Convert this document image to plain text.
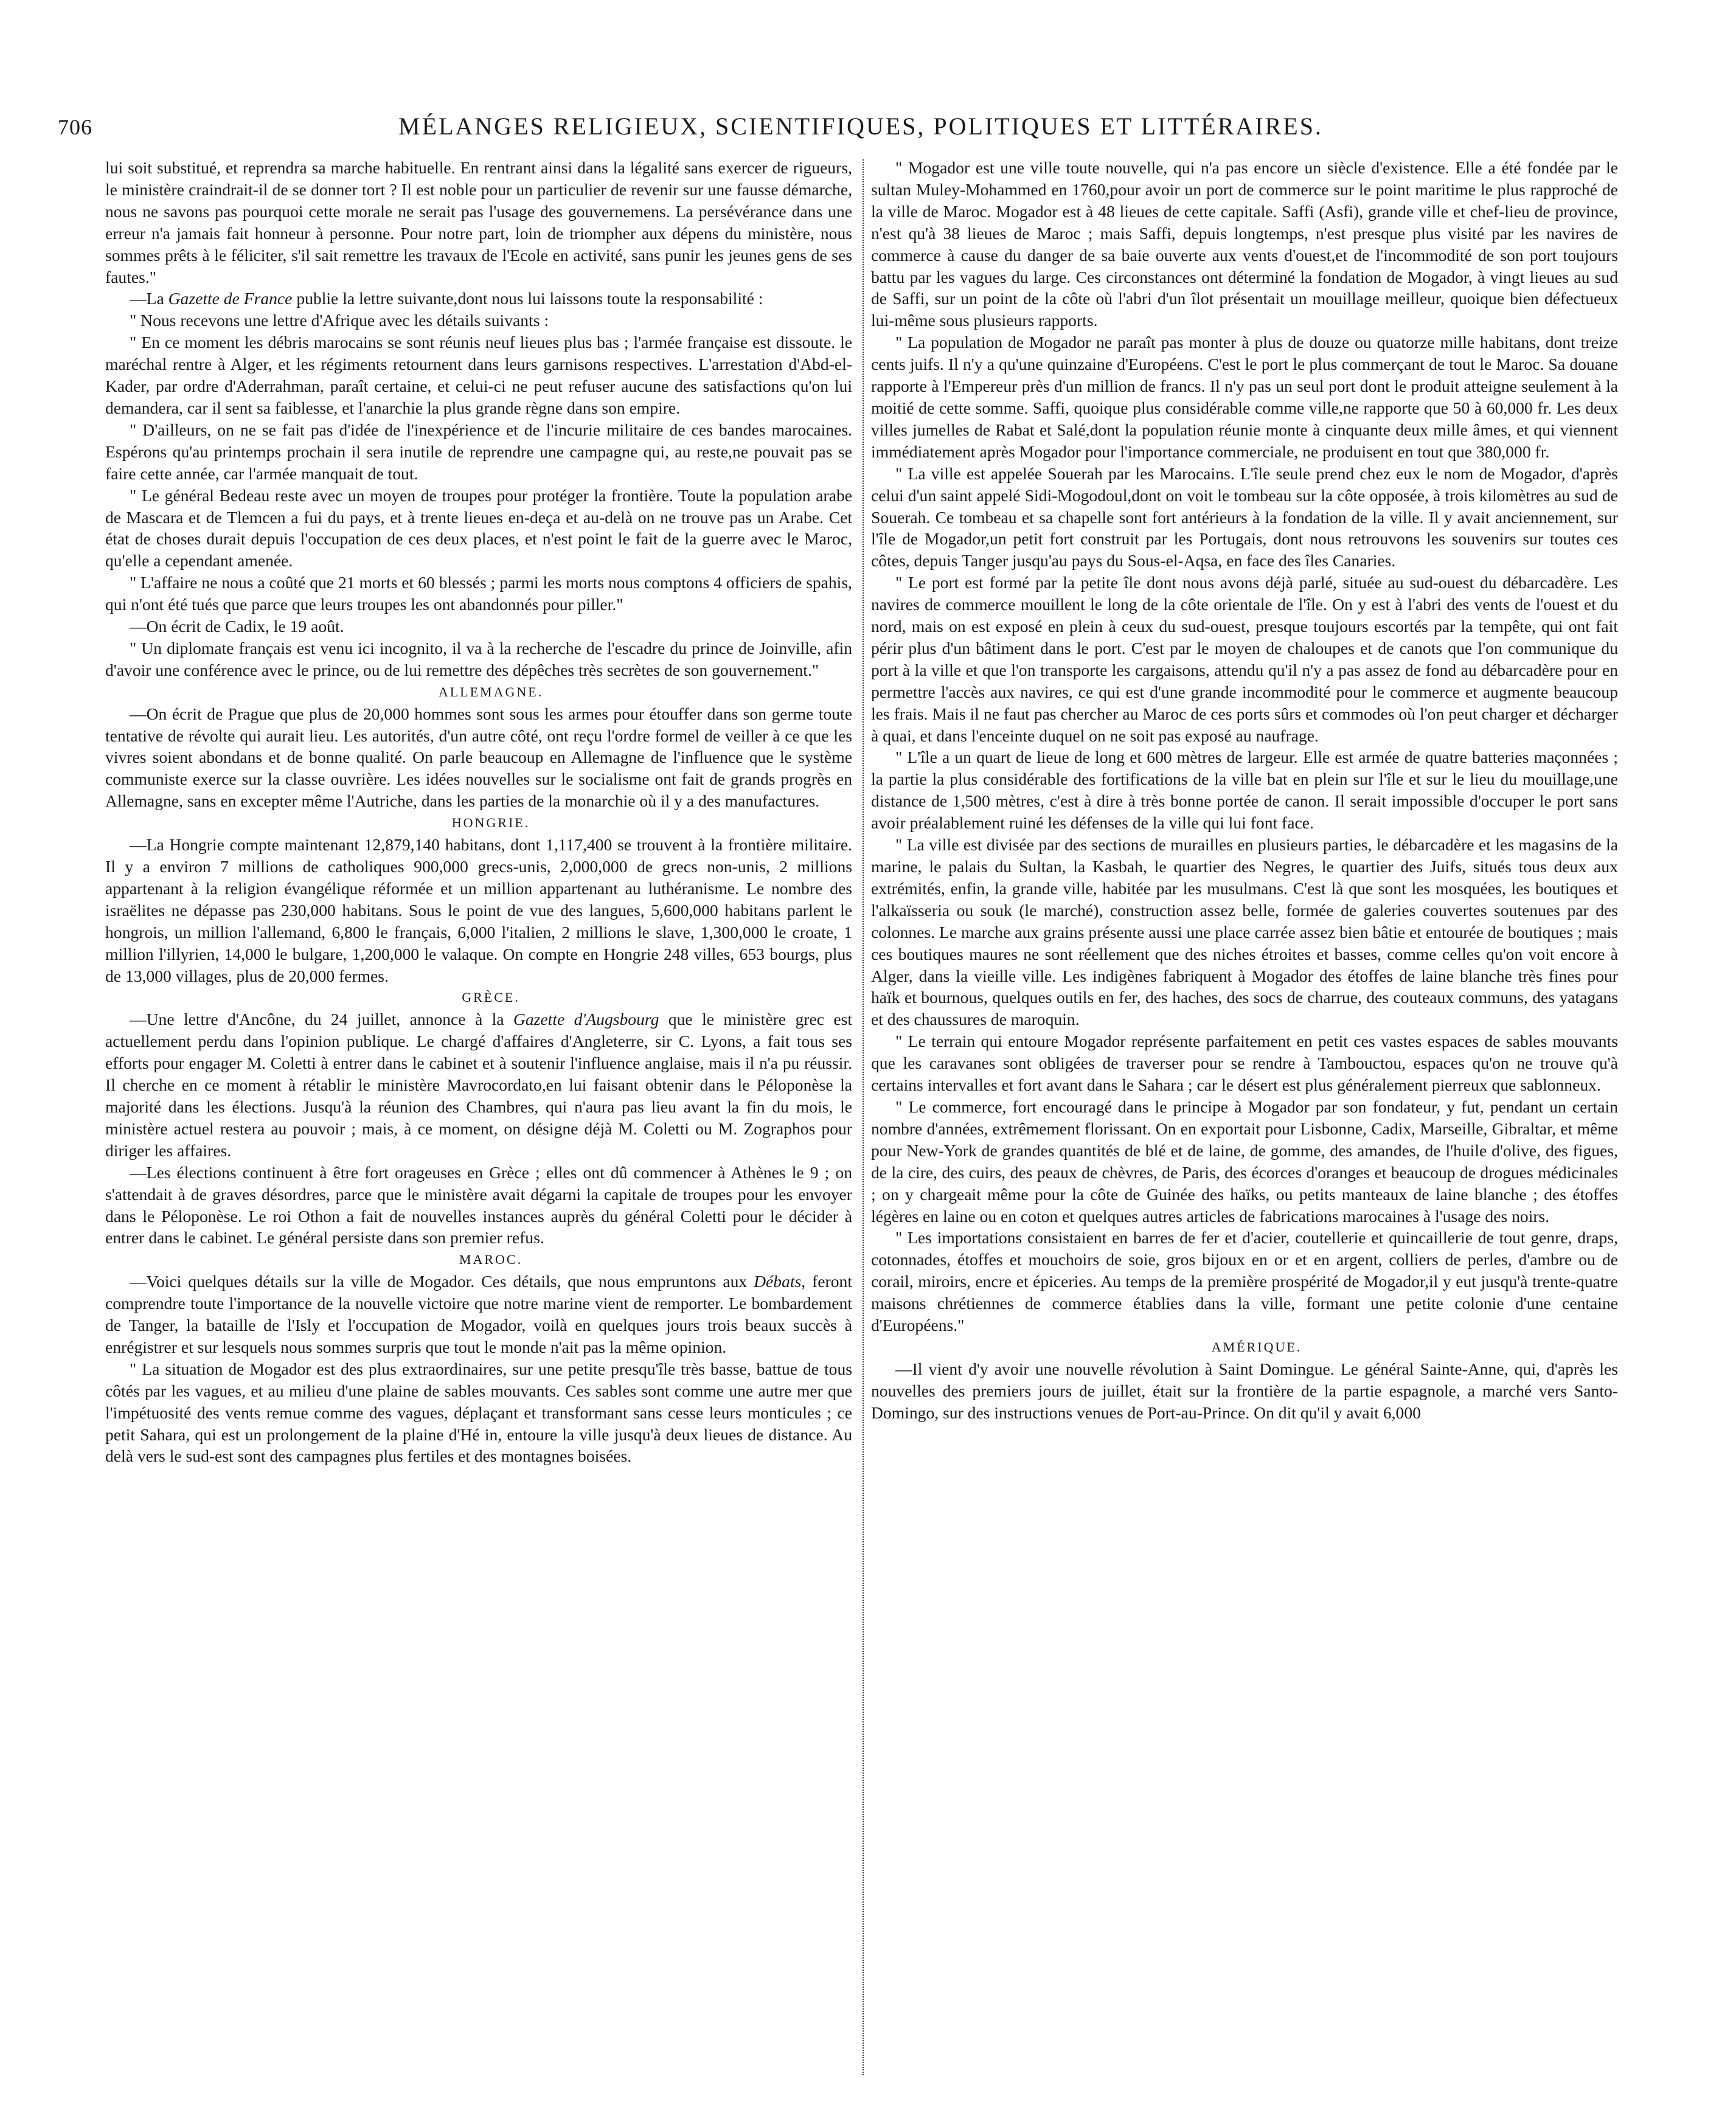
706	MÉLANGES RELIGIEUX, SCIENTIFIQUES, POLITIQUES ET LITTÉRAIRES.

lui soit substitué, et reprendra sa marche habituelle. En rentrant ainsi dans la légalité sans exercer de rigueurs, le ministère craindrait-il de se donner tort ? Il est noble pour un particulier de revenir sur une fausse démarche, nous ne savons pas pourquoi cette morale ne serait pas l'usage des gouvernemens. La persévérance dans une erreur n'a jamais fait honneur à personne. Pour notre part, loin de triompher aux dépens du ministère, nous sommes prêts à le féliciter, s'il sait remettre les travaux de l'Ecole en activité, sans punir les jeunes gens de ses fautes."

—La Gazette de France publie la lettre suivante,dont nous lui laissons toute la responsabilité :

" Nous recevons une lettre d'Afrique avec les détails suivants :

" En ce moment les débris marocains se sont réunis neuf lieues plus bas ; l'armée française est dissoute. le maréchal rentre à Alger, et les régiments retournent dans leurs garnisons respectives. L'arrestation d'Abd-el-Kader, par ordre d'Aderrahman, paraît certaine, et celui-ci ne peut refuser aucune des satisfactions qu'on lui demandera, car il sent sa faiblesse, et l'anarchie la plus grande règne dans son empire.

" D'ailleurs, on ne se fait pas d'idée de l'inexpérience et de l'incurie militaire de ces bandes marocaines. Espérons qu'au printemps prochain il sera inutile de reprendre une campagne qui, au reste,ne pouvait pas se faire cette année, car l'armée manquait de tout.

" Le général Bedeau reste avec un moyen de troupes pour protéger la frontière. Toute la population arabe de Mascara et de Tlemcen a fui du pays, et à trente lieues en-deça et au-delà on ne trouve pas un Arabe. Cet état de choses durait depuis l'occupation de ces deux places, et n'est point le fait de la guerre avec le Maroc, qu'elle a cependant amenée.

" L'affaire ne nous a coûté que 21 morts et 60 blessés ; parmi les morts nous comptons 4 officiers de spahis, qui n'ont été tués que parce que leurs troupes les ont abandonnés pour piller."

—On écrit de Cadix, le 19 août.

" Un diplomate français est venu ici incognito, il va à la recherche de l'escadre du prince de Joinville, afin d'avoir une conférence avec le prince, ou de lui remettre des dépêches très secrètes de son gouvernement."

ALLEMAGNE.

—On écrit de Prague que plus de 20,000 hommes sont sous les armes pour étouffer dans son germe toute tentative de révolte qui aurait lieu. Les autorités, d'un autre côté, ont reçu l'ordre formel de veiller à ce que les vivres soient abondans et de bonne qualité. On parle beaucoup en Allemagne de l'influence que le système communiste exerce sur la classe ouvrière. Les idées nouvelles sur le socialisme ont fait de grands progrès en Allemagne, sans en excepter même l'Autriche, dans les parties de la monarchie où il y a des manufactures.

HONGRIE.

—La Hongrie compte maintenant 12,879,140 habitans, dont 1,117,400 se trouvent à la frontière militaire. Il y a environ 7 millions de catholiques 900,000 grecs-unis, 2,000,000 de grecs non-unis, 2 millions appartenant à la religion évangélique réformée et un million appartenant au luthéranisme. Le nombre des israëlites ne dépasse pas 230,000 habitans. Sous le point de vue des langues, 5,600,000 habitans parlent le hongrois, un million l'allemand, 6,800 le français, 6,000 l'italien, 2 millions le slave, 1,300,000 le croate, 1 million l'illyrien, 14,000 le bulgare, 1,200,000 le valaque. On compte en Hongrie 248 villes, 653 bourgs, plus de 13,000 villages, plus de 20,000 fermes.

GRÈCE.

—Une lettre d'Ancône, du 24 juillet, annonce à la Gazette d'Augsbourg que le ministère grec est actuellement perdu dans l'opinion publique. Le chargé d'affaires d'Angleterre, sir C. Lyons, a fait tous ses efforts pour engager M. Coletti à entrer dans le cabinet et à soutenir l'influence anglaise, mais il n'a pu réussir. Il cherche en ce moment à rétablir le ministère Mavrocordato,en lui faisant obtenir dans le Péloponèse la majorité dans les élections. Jusqu'à la réunion des Chambres, qui n'aura pas lieu avant la fin du mois, le ministère actuel restera au pouvoir ; mais, à ce moment, on désigne déjà M. Coletti ou M. Zographos pour diriger les affaires.

—Les élections continuent à être fort orageuses en Grèce ; elles ont dû commencer à Athènes le 9 ; on s'attendait à de graves désordres, parce que le ministère avait dégarni la capitale de troupes pour les envoyer dans le Péloponèse. Le roi Othon a fait de nouvelles instances auprès du général Coletti pour le décider à entrer dans le cabinet. Le général persiste dans son premier refus.

MAROC.

—Voici quelques détails sur la ville de Mogador. Ces détails, que nous empruntons aux Débats, feront comprendre toute l'importance de la nouvelle victoire que notre marine vient de remporter. Le bombardement de Tanger, la bataille de l'Isly et l'occupation de Mogador, voilà en quelques jours trois beaux succès à enrégistrer et sur lesquels nous sommes surpris que tout le monde n'ait pas la même opinion.

" La situation de Mogador est des plus extraordinaires, sur une petite presqu'île très basse, battue de tous côtés par les vagues, et au milieu d'une plaine de sables mouvants. Ces sables sont comme une autre mer que l'impétuosité des vents remue comme des vagues, déplaçant et transformant sans cesse leurs monticules ; ce petit Sahara, qui est un prolongement de la plaine d'Hé in, entoure la ville jusqu'à deux lieues de distance. Au delà vers le sud-est sont des campagnes plus fertiles et des montagnes boisées.

" Mogador est une ville toute nouvelle, qui n'a pas encore un siècle d'existence. Elle a été fondée par le sultan Muley-Mohammed en 1760,pour avoir un port de commerce sur le point maritime le plus rapproché de la ville de Maroc. Mogador est à 48 lieues de cette capitale. Saffi (Asfi), grande ville et chef-lieu de province, n'est qu'à 38 lieues de Maroc ; mais Saffi, depuis longtemps, n'est presque plus visité par les navires de commerce à cause du danger de sa baie ouverte aux vents d'ouest,et de l'incommodité de son port toujours battu par les vagues du large. Ces circonstances ont déterminé la fondation de Mogador, à vingt lieues au sud de Saffi, sur un point de la côte où l'abri d'un îlot présentait un mouillage meilleur, quoique bien défectueux lui-même sous plusieurs rapports.

" La population de Mogador ne paraît pas monter à plus de douze ou quatorze mille habitans, dont treize cents juifs. Il n'y a qu'une quinzaine d'Européens. C'est le port le plus commerçant de tout le Maroc. Sa douane rapporte à l'Empereur près d'un million de francs. Il n'y pas un seul port dont le produit atteigne seulement à la moitié de cette somme. Saffi, quoique plus considérable comme ville,ne rapporte que 50 à 60,000 fr. Les deux villes jumelles de Rabat et Salé,dont la population réunie monte à cinquante deux mille âmes, et qui viennent immédiatement après Mogador pour l'importance commerciale, ne produisent en tout que 380,000 fr.

" La ville est appelée Souerah par les Marocains. L'île seule prend chez eux le nom de Mogador, d'après celui d'un saint appelé Sidi-Mogodoul,dont on voit le tombeau sur la côte opposée, à trois kilomètres au sud de Souerah. Ce tombeau et sa chapelle sont fort antérieurs à la fondation de la ville. Il y avait anciennement, sur l'île de Mogador,un petit fort construit par les Portugais, dont nous retrouvons les souvenirs sur toutes ces côtes, depuis Tanger jusqu'au pays du Sous-el-Aqsa, en face des îles Canaries.

" Le port est formé par la petite île dont nous avons déjà parlé, située au sud-ouest du débarcadère. Les navires de commerce mouillent le long de la côte orientale de l'île. On y est à l'abri des vents de l'ouest et du nord, mais on est exposé en plein à ceux du sud-ouest, presque toujours escortés par la tempête, qui ont fait périr plus d'un bâtiment dans le port. C'est par le moyen de chaloupes et de canots que l'on communique du port à la ville et que l'on transporte les cargaisons, attendu qu'il n'y a pas assez de fond au débarcadère pour en permettre l'accès aux navires, ce qui est d'une grande incommodité pour le commerce et augmente beaucoup les frais. Mais il ne faut pas chercher au Maroc de ces ports sûrs et commodes où l'on peut charger et décharger à quai, et dans l'enceinte duquel on ne soit pas exposé au naufrage.

" L'île a un quart de lieue de long et 600 mètres de largeur. Elle est armée de quatre batteries maçonnées ; la partie la plus considérable des fortifications de la ville bat en plein sur l'île et sur le lieu du mouillage,une distance de 1,500 mètres, c'est à dire à très bonne portée de canon. Il serait impossible d'occuper le port sans avoir préalablement ruiné les défenses de la ville qui lui font face.

" La ville est divisée par des sections de murailles en plusieurs parties, le débarcadère et les magasins de la marine, le palais du Sultan, la Kasbah, le quartier des Negres, le quartier des Juifs, situés tous deux aux extrémités, enfin, la grande ville, habitée par les musulmans. C'est là que sont les mosquées, les boutiques et l'alkaïsseria ou souk (le marché), construction assez belle, formée de galeries couvertes soutenues par des colonnes. Le marche aux grains présente aussi une place carrée assez bien bâtie et entourée de boutiques ; mais ces boutiques maures ne sont réellement que des niches étroites et basses, comme celles qu'on voit encore à Alger, dans la vieille ville. Les indigènes fabriquent à Mogador des étoffes de laine blanche très fines pour haïk et bournous, quelques outils en fer, des haches, des socs de charrue, des couteaux communs, des yatagans et des chaussures de maroquin.

" Le terrain qui entoure Mogador représente parfaitement en petit ces vastes espaces de sables mouvants que les caravanes sont obligées de traverser pour se rendre à Tambouctou, espaces qu'on ne trouve qu'à certains intervalles et fort avant dans le Sahara ; car le désert est plus généralement pierreux que sablonneux.

" Le commerce, fort encouragé dans le principe à Mogador par son fondateur, y fut, pendant un certain nombre d'années, extrêmement florissant. On en exportait pour Lisbonne, Cadix, Marseille, Gibraltar, et même pour New-York de grandes quantités de blé et de laine, de gomme, des amandes, de l'huile d'olive, des figues, de la cire, des cuirs, des peaux de chèvres, de Paris, des écorces d'oranges et beaucoup de drogues médicinales ; on y chargeait même pour la côte de Guinée des haïks, ou petits manteaux de laine blanche ; des étoffes légères en laine ou en coton et quelques autres articles de fabrications marocaines à l'usage des noirs.

" Les importations consistaient en barres de fer et d'acier, coutellerie et quincaillerie de tout genre, draps, cotonnades, étoffes et mouchoirs de soie, gros bijoux en or et en argent, colliers de perles, d'ambre ou de corail, miroirs, encre et épiceries. Au temps de la première prospérité de Mogador,il y eut jusqu'à trente-quatre maisons chrétiennes de commerce établies dans la ville, formant une petite colonie d'une centaine d'Européens."

AMÉRIQUE.

—Il vient d'y avoir une nouvelle révolution à Saint Domingue. Le général Sainte-Anne, qui, d'après les nouvelles des premiers jours de juillet, était sur la frontière de la partie espagnole, a marché vers Santo-Domingo, sur des instructions venues de Port-au-Prince. On dit qu'il y avait 6,000
